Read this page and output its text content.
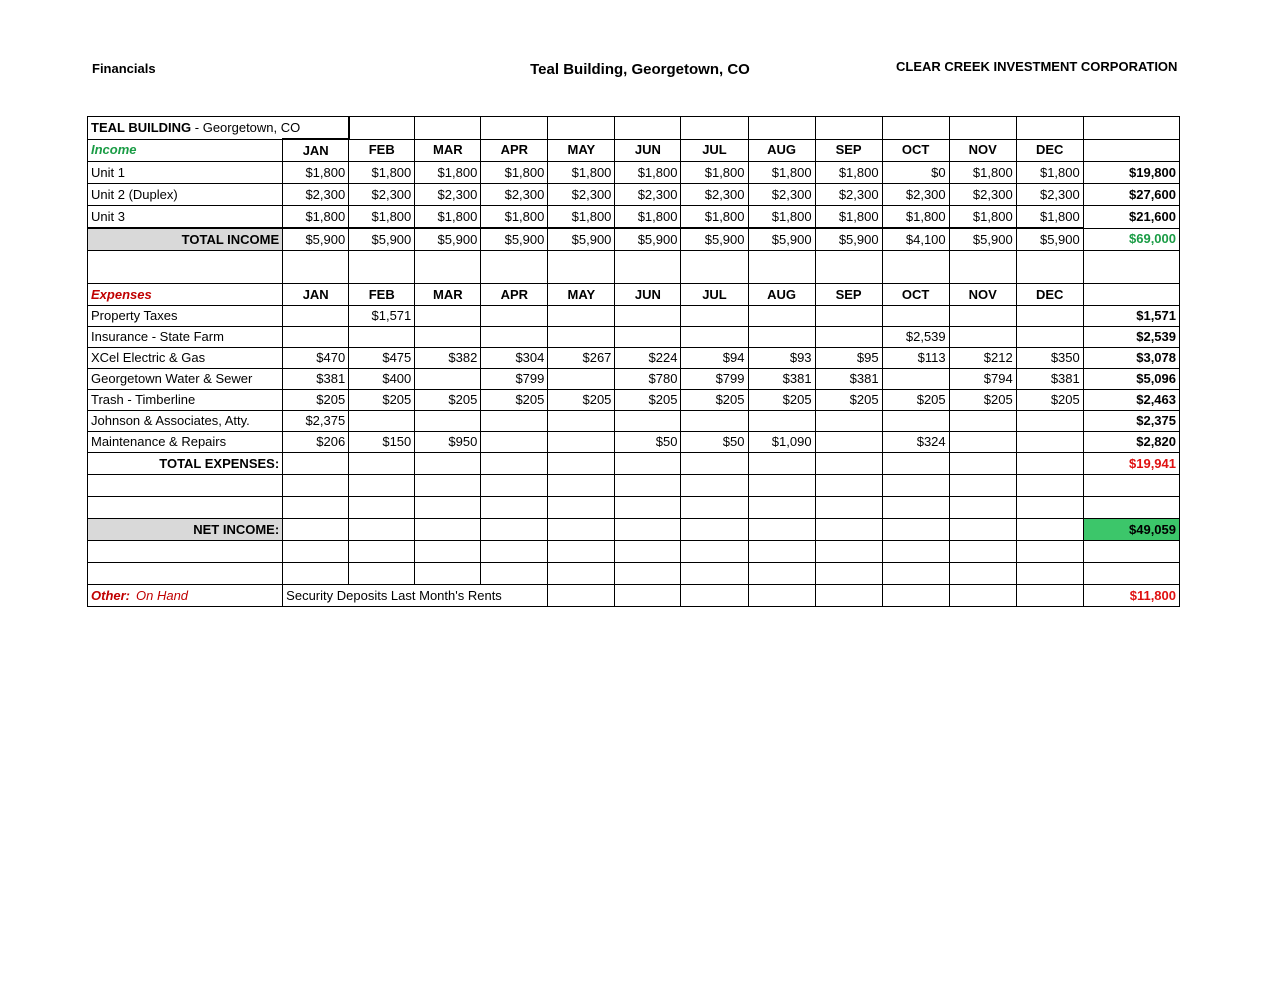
Financials	Teal Building, Georgetown, CO	CLEAR CREEK INVESTMENT CORPORATION
TEAL BUILDING - Georgetown, CO													
Income	JAN	FEB	MAR	APR	MAY	JUN	JUL	AUG	SEP	OCT	NOV	DEC	
Unit 1	$1,800	$1,800	$1,800	$1,800	$1,800	$1,800	$1,800	$1,800	$1,800	$0	$1,800	$1,800	$19,800
Unit 2 (Duplex)	$2,300	$2,300	$2,300	$2,300	$2,300	$2,300	$2,300	$2,300	$2,300	$2,300	$2,300	$2,300	$27,600
Unit 3	$1,800	$1,800	$1,800	$1,800	$1,800	$1,800	$1,800	$1,800	$1,800	$1,800	$1,800	$1,800	$21,600
TOTAL INCOME	$5,900	$5,900	$5,900	$5,900	$5,900	$5,900	$5,900	$5,900	$5,900	$4,100	$5,900	$5,900	$69,000

Expenses	JAN	FEB	MAR	APR	MAY	JUN	JUL	AUG	SEP	OCT	NOV	DEC	
Property Taxes		$1,571											$1,571
Insurance - State Farm										$2,539			$2,539
XCel Electric & Gas	$470	$475	$382	$304	$267	$224	$94	$93	$95	$113	$212	$350	$3,078
Georgetown Water & Sewer	$381	$400		$799		$780	$799	$381	$381		$794	$381	$5,096
Trash - Timberline	$205	$205	$205	$205	$205	$205	$205	$205	$205	$205	$205	$205	$2,463
Johnson & Associates, Atty.	$2,375												$2,375
Maintenance & Repairs	$206	$150	$950			$50	$50	$1,090		$324			$2,820
TOTAL EXPENSES:													$19,941

NET INCOME:													$49,059

Other: On Hand	Security Deposits Last Month's Rents												$11,800
